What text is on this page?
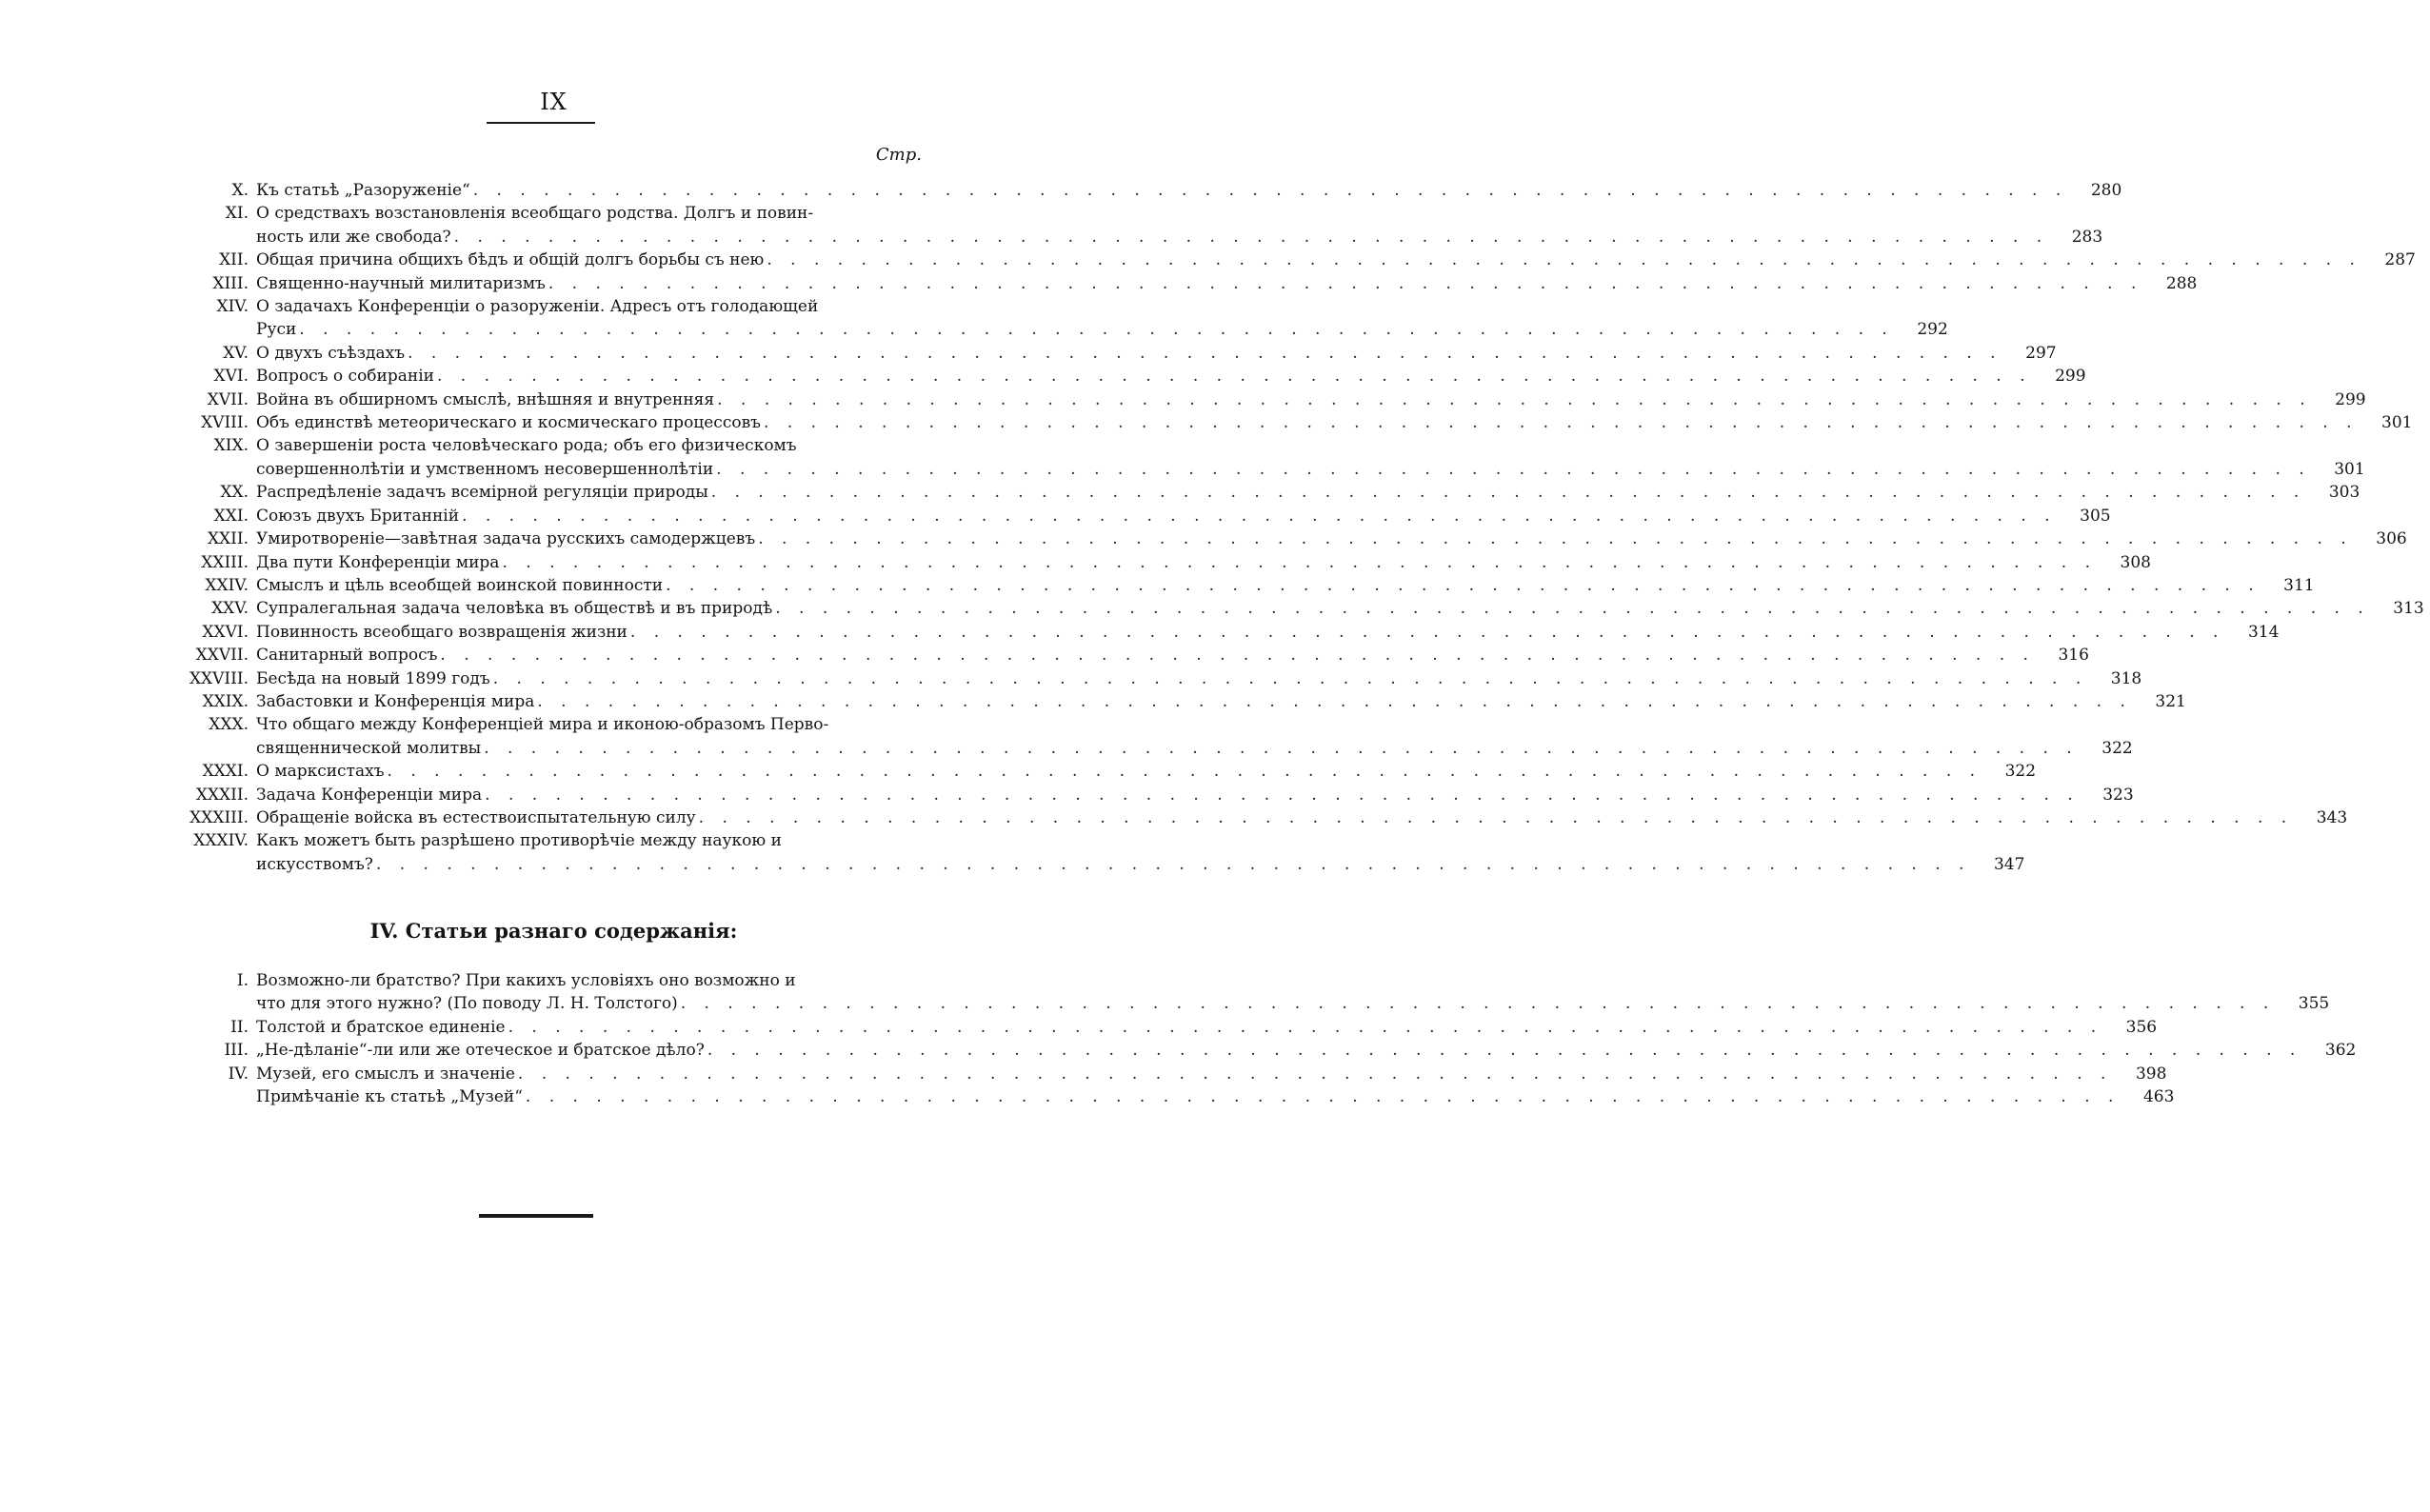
IX
Стр.
X. Къ статьѣ „Разоруженіе“ . . . . . . . . . . . . . . . . . . . . . . . . . . . . . . . . . . . . . . . . . . . . . . . . . . . . . . . . . . . . . . . . . . . .	280
XI. О средствахъ возстановленія всеобщаго родства. Долгъ и повин-
ность или же свобода? . . . . . . . . . . . . . . . . . . . . . . . . . . . . . . . . . . . . . . . . . . . . . . . . . . . . . . . . . . . . . . . . . . . .	283
XII. Общая причина общихъ бѣдъ и общій долгъ борьбы съ нею . . . . . . . . . . . . . . . . . . . . . . . . . . . . . . . . . . . . . . . . . . . . . . . . . . . . . . . . . . . . . . . . . . . .	287
XIII. Священно-научный милитаризмъ . . . . . . . . . . . . . . . . . . . . . . . . . . . . . . . . . . . . . . . . . . . . . . . . . . . . . . . . . . . . . . . . . . . .	288
XIV. О задачахъ Конференціи о разоруженіи. Адресъ отъ голодающей
Руси . . . . . . . . . . . . . . . . . . . . . . . . . . . . . . . . . . . . . . . . . . . . . . . . . . . . . . . . . . . . . . . . . . . .	292
XV. О двухъ съѣздахъ . . . . . . . . . . . . . . . . . . . . . . . . . . . . . . . . . . . . . . . . . . . . . . . . . . . . . . . . . . . . . . . . . . . .	297
XVI. Вопросъ о собираніи . . . . . . . . . . . . . . . . . . . . . . . . . . . . . . . . . . . . . . . . . . . . . . . . . . . . . . . . . . . . . . . . . . . .	299
XVII. Война въ обширномъ смыслѣ, внѣшняя и внутренняя . . . . . . . . . . . . . . . . . . . . . . . . . . . . . . . . . . . . . . . . . . . . . . . . . . . . . . . . . . . . . . . . . . . .	299
XVIII. Объ единствѣ метеорическаго и космическаго процессовъ . . . . . . . . . . . . . . . . . . . . . . . . . . . . . . . . . . . . . . . . . . . . . . . . . . . . . . . . . . . . . . . . . . . .	301
XIX. О завершеніи роста человѣческаго рода; объ его физическомъ
совершеннолѣтіи и умственномъ несовершеннолѣтіи . . . . . . . . . . . . . . . . . . . . . . . . . . . . . . . . . . . . . . . . . . . . . . . . . . . . . . . . . . . . . . . . . . . .	301
XX. Распредѣленіе задачъ всемірной регуляціи природы . . . . . . . . . . . . . . . . . . . . . . . . . . . . . . . . . . . . . . . . . . . . . . . . . . . . . . . . . . . . . . . . . . . .	303
XXI. Союзъ двухъ Британній . . . . . . . . . . . . . . . . . . . . . . . . . . . . . . . . . . . . . . . . . . . . . . . . . . . . . . . . . . . . . . . . . . . .	305
XXII. Умиротвореніе—завѣтная задача русскихъ самодержцевъ . . . . . . . . . . . . . . . . . . . . . . . . . . . . . . . . . . . . . . . . . . . . . . . . . . . . . . . . . . . . . . . . . . . .	306
XXIII. Два пути Конференціи мира . . . . . . . . . . . . . . . . . . . . . . . . . . . . . . . . . . . . . . . . . . . . . . . . . . . . . . . . . . . . . . . . . . . .	308
XXIV. Смыслъ и цѣль всеобщей воинской повинности . . . . . . . . . . . . . . . . . . . . . . . . . . . . . . . . . . . . . . . . . . . . . . . . . . . . . . . . . . . . . . . . . . . .	311
XXV. Супралегальная задача человѣка въ обществѣ и въ природѣ . . . . . . . . . . . . . . . . . . . . . . . . . . . . . . . . . . . . . . . . . . . . . . . . . . . . . . . . . . . . . . . . . . . .	313
XXVI. Повинность всеобщаго возвращенія жизни . . . . . . . . . . . . . . . . . . . . . . . . . . . . . . . . . . . . . . . . . . . . . . . . . . . . . . . . . . . . . . . . . . . .	314
XXVII. Санитарный вопросъ . . . . . . . . . . . . . . . . . . . . . . . . . . . . . . . . . . . . . . . . . . . . . . . . . . . . . . . . . . . . . . . . . . . .	316
XXVIII. Бесѣда на новый 1899 годъ . . . . . . . . . . . . . . . . . . . . . . . . . . . . . . . . . . . . . . . . . . . . . . . . . . . . . . . . . . . . . . . . . . . .	318
XXIX. Забастовки и Конференція мира . . . . . . . . . . . . . . . . . . . . . . . . . . . . . . . . . . . . . . . . . . . . . . . . . . . . . . . . . . . . . . . . . . . .	321
XXX. Что общаго между Конференціей мира и иконою-образомъ Перво-
священнической молитвы . . . . . . . . . . . . . . . . . . . . . . . . . . . . . . . . . . . . . . . . . . . . . . . . . . . . . . . . . . . . . . . . . . . .	322
XXXI. О марксистахъ . . . . . . . . . . . . . . . . . . . . . . . . . . . . . . . . . . . . . . . . . . . . . . . . . . . . . . . . . . . . . . . . . . . .	322
XXXII. Задача Конференціи мира . . . . . . . . . . . . . . . . . . . . . . . . . . . . . . . . . . . . . . . . . . . . . . . . . . . . . . . . . . . . . . . . . . . .	323
XXXIII. Обращеніе войска въ естествоиспытательную силу . . . . . . . . . . . . . . . . . . . . . . . . . . . . . . . . . . . . . . . . . . . . . . . . . . . . . . . . . . . . . . . . . . . .	343
XXXIV. Какъ можетъ быть разрѣшено противорѣчіе между наукою и
искусствомъ? . . . . . . . . . . . . . . . . . . . . . . . . . . . . . . . . . . . . . . . . . . . . . . . . . . . . . . . . . . . . . . . . . . . .	347
IV. Статьи разнаго содержанія:
I. Возможно-ли братство? При какихъ условіяхъ оно возможно и
что для этого нужно? (По поводу Л. Н. Толстого) . . . . . . . . . . . . . . . . . . . . . . . . . . . . . . . . . . . . . . . . . . . . . . . . . . . . . . . . . . . . . . . . . . . .	355
II. Толстой и братское единеніе . . . . . . . . . . . . . . . . . . . . . . . . . . . . . . . . . . . . . . . . . . . . . . . . . . . . . . . . . . . . . . . . . . . .	356
III. „Не-дѣланіе“-ли или же отеческое и братское дѣло? . . . . . . . . . . . . . . . . . . . . . . . . . . . . . . . . . . . . . . . . . . . . . . . . . . . . . . . . . . . . . . . . . . . .	362
IV. Музей, его смыслъ и значеніе . . . . . . . . . . . . . . . . . . . . . . . . . . . . . . . . . . . . . . . . . . . . . . . . . . . . . . . . . . . . . . . . . . . .	398
Примѣчаніе къ статьѣ „Музей“ . . . . . . . . . . . . . . . . . . . . . . . . . . . . . . . . . . . . . . . . . . . . . . . . . . . . . . . . . . . . . . . . . . . .	463
